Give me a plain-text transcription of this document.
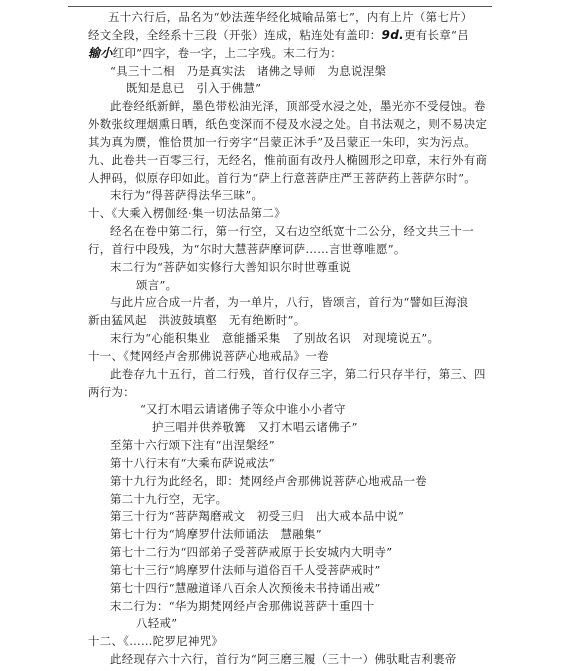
五十六行后，品名为“妙法莲华经化城喻品第七”，内有上片（第七片）
经文全段，全经系十三段（开张）连成，粘连处有盖印：9d.更有长章“吕
输小红印”四字，卷一字，上二字残。末二行为：
“具三十二相　乃是真实法　诸佛之导师　为息说涅槃
既知是息已　引入于佛慧”
此卷经纸新鲜，墨色带松油光泽，顶部受水浸之处，墨光亦不受侵蚀。卷
外数张纹理烟熏日晒，纸色变深而不侵及水浸之处。自书法观之，则不易决定
其为真为赝，惟恰贯加一行旁字“吕蒙正沐手”及吕蒙正一朱印，实为污点。
九、此卷共一百零三行，无经名，惟前面有改丹人椭圆形之印章，末行外有商
人押码，似原存印如此。首行为“萨上行意菩萨庄严王菩萨药上菩萨尔时”。
末行为“得菩萨得法华三昧”。
十、《大乘入楞伽经·集一切法品第二》
经名在卷中第二行，第一行空，又右边空纸宽十二公分，经文共三十一
行，首行中段残，为“尔时大慧菩萨摩诃萨……言世尊唯愿”。
末二行为“菩萨如实修行大善知识尔时世尊重说
颂言”。
与此片应合成一片者，为一单片，八行，皆颂言，首行为“譬如巨海浪
新由猛风起　洪波鼓填壑　无有绝断时”。
末行为“心能积集业　意能播采集　了别故名识　对现境说五”。
十一、《梵网经卢舍那佛说菩萨心地戒品》一卷
此卷存九十五行，首二行残，首行仅存三字，第二行只存半行，第三、四
两行为：
“又打木唱云请诸佛子等众中谁小小者守
护三唱并供养敬篝　又打木唱云诸佛子”
至第十六行颂下注有“出涅槃经”
第十八行末有“大乘布萨说戒法”
第十九行为此经名，即：梵网经卢舍那佛说菩萨心地戒品一卷
第二十九行空，无字。
第三十行为“菩萨羯磨戒文　初受三归　出大戒本品中说”
第七十行为“鸠摩罗什法师诵法　慧融集”
第七十二行为“四部弟子受菩萨戒原于长安城内大明寺”
第七十三行“鸠摩罗什法师与道俗百千人受菩萨戒时”
第七十四行“慧融道译八百余人次预後未书持诵出戒”
末二行为：“华为期梵网经卢舍那佛说菩萨十重四十
八轻戒”
十二、《……陀罗尼神咒》
此经现存六十六行，首行为“阿三磨三履（三十一）佛驮毗吉利裹帝
